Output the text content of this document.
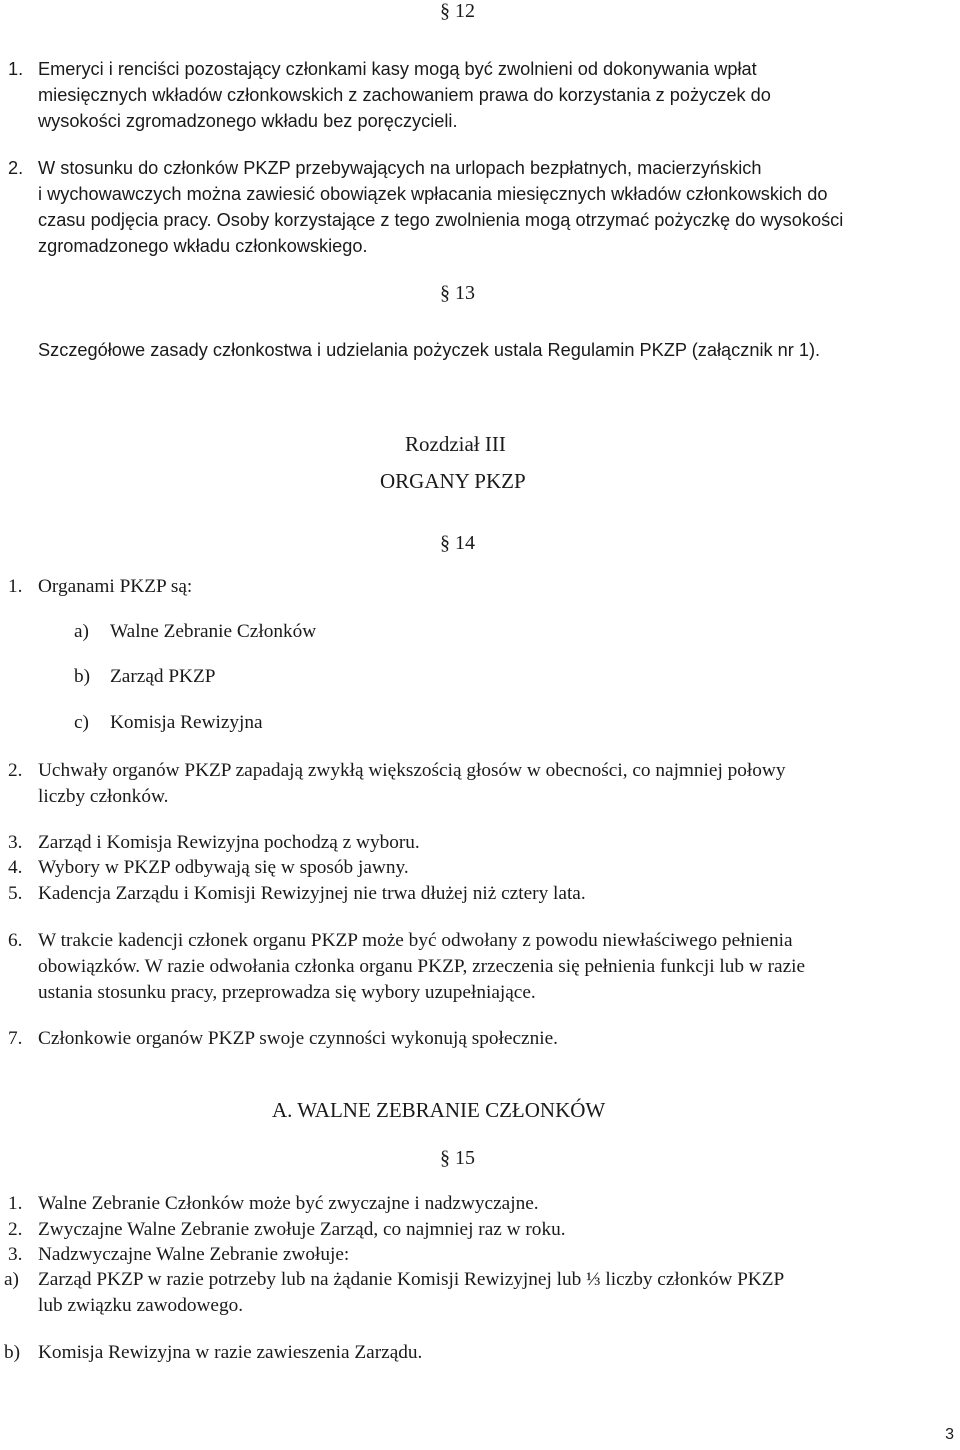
§ 12
1. Emeryci i renciści pozostający członkami kasy mogą być zwolnieni od dokonywania wpłat
miesięcznych wkładów członkowskich z zachowaniem prawa do korzystania z pożyczek do
wysokości zgromadzonego wkładu bez poręczycieli.
2. W stosunku do członków PKZP przebywających na urlopach bezpłatnych, macierzyńskich
i wychowawczych można zawiesić obowiązek wpłacania miesięcznych wkładów członkowskich do
czasu podjęcia pracy. Osoby korzystające z tego zwolnienia mogą otrzymać pożyczkę do wysokości
zgromadzonego wkładu członkowskiego.
§ 13
Szczegółowe zasady członkostwa i udzielania pożyczek ustala Regulamin PKZP (załącznik nr 1).
Rozdział III
ORGANY PKZP
§ 14
1. Organami PKZP są:
a) Walne Zebranie Członków
b) Zarząd PKZP
c) Komisja Rewizyjna
2. Uchwały organów PKZP zapadają zwykłą większością głosów w obecności, co najmniej połowy
liczby członków.
3. Zarząd i Komisja Rewizyjna pochodzą z wyboru.
4. Wybory w PKZP odbywają się w sposób jawny.
5. Kadencja Zarządu i Komisji Rewizyjnej nie trwa dłużej niż cztery lata.
6. W trakcie kadencji członek organu PKZP może być odwołany z powodu niewłaściwego pełnienia
obowiązków. W razie odwołania członka organu PKZP, zrzeczenia się pełnienia funkcji lub w razie
ustania stosunku pracy, przeprowadza się wybory uzupełniające.
7. Członkowie organów PKZP swoje czynności wykonują społecznie.
A. WALNE ZEBRANIE CZŁONKÓW
§ 15
1. Walne Zebranie Członków może być zwyczajne i nadzwyczajne.
2. Zwyczajne Walne Zebranie zwołuje Zarząd, co najmniej raz w roku.
3. Nadzwyczajne Walne Zebranie zwołuje:
a) Zarząd PKZP w razie potrzeby lub na żądanie Komisji Rewizyjnej lub ⅓ liczby członków PKZP
lub związku zawodowego.
b) Komisja Rewizyjna w razie zawieszenia Zarządu.
3
